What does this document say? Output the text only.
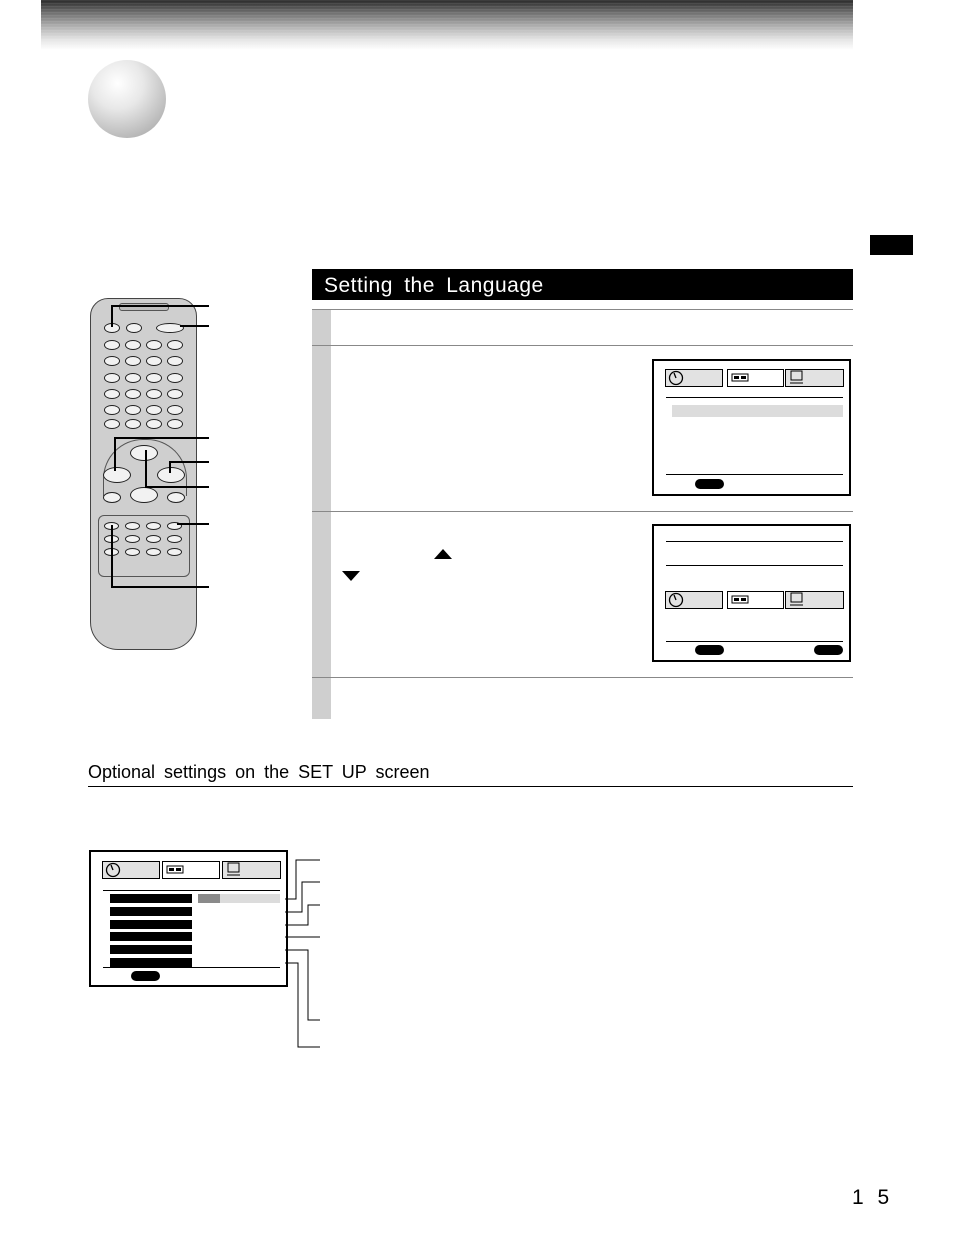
Setting the Language
Optional settings on the SET UP screen
1 5
